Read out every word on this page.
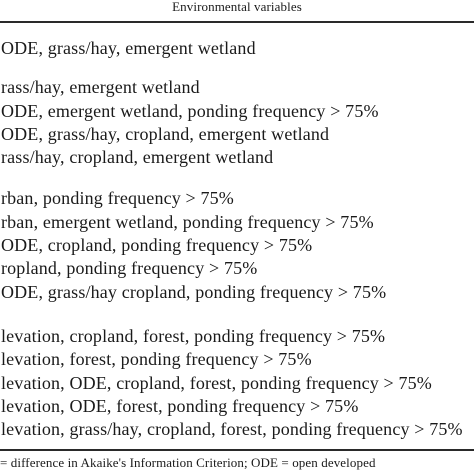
Environmental variables
ODE, grass/hay, emergent wetland
rass/hay, emergent wetland
ODE, emergent wetland, ponding frequency > 75%
ODE, grass/hay, cropland, emergent wetland
rass/hay, cropland, emergent wetland
rban, ponding frequency > 75%
rban, emergent wetland, ponding frequency > 75%
ODE, cropland, ponding frequency > 75%
ropland, ponding frequency > 75%
ODE, grass/hay cropland, ponding frequency > 75%
levation, cropland, forest, ponding frequency > 75%
levation, forest, ponding frequency > 75%
levation, ODE, cropland, forest, ponding frequency > 75%
levation, ODE, forest, ponding frequency > 75%
levation, grass/hay, cropland, forest, ponding frequency > 75%
= difference in Akaike's Information Criterion; ODE = open developed
